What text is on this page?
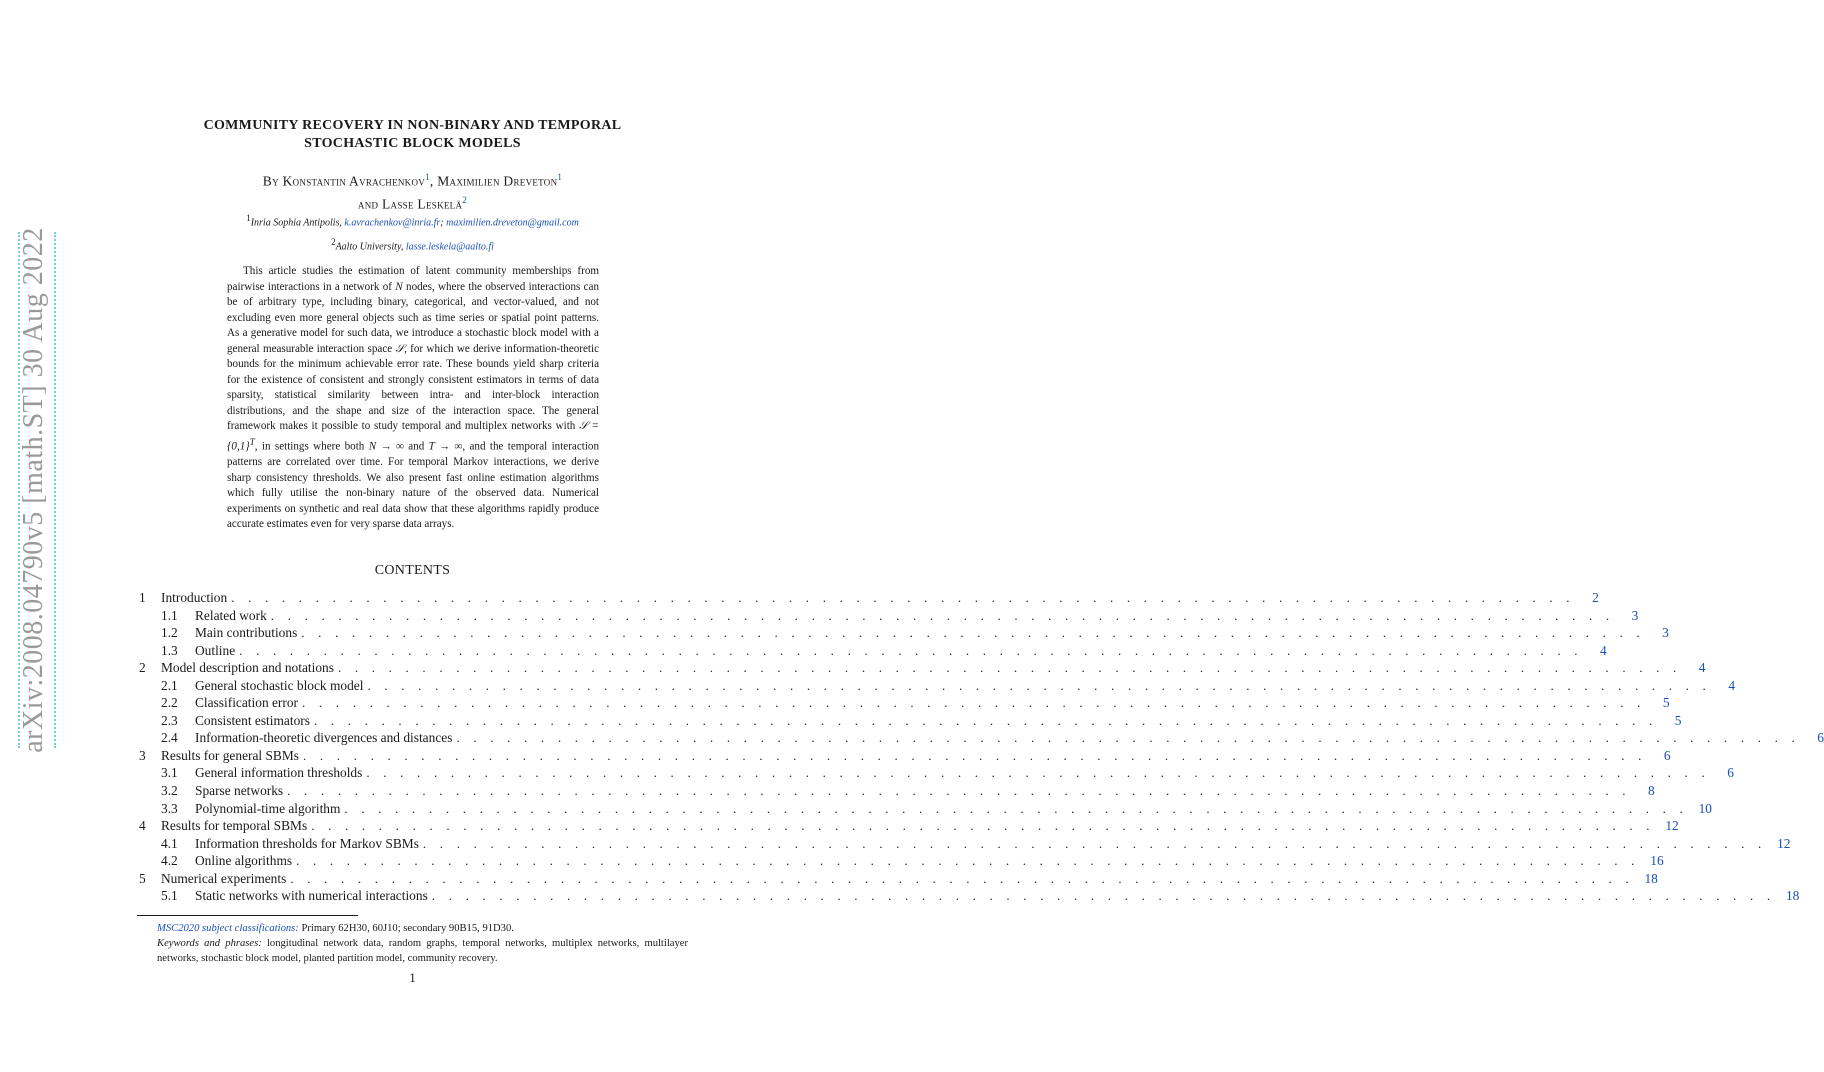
arXiv:2008.04790v5 [math.ST] 30 Aug 2022
COMMUNITY RECOVERY IN NON-BINARY AND TEMPORAL
STOCHASTIC BLOCK MODELS
By Konstantin Avrachenkov$^1$, Maximilien Dreveton$^1$
and Lasse Leskelä$^2$
$^1$Inria Sophia Antipolis, k.avrachenkov@inria.fr; maximilien.dreveton@gmail.com
$^2$Aalto University, lasse.leskela@aalto.fi
This article studies the estimation of latent community memberships from pairwise interactions in a network of N nodes, where the observed interactions can be of arbitrary type, including binary, categorical, and vector-valued, and not excluding even more general objects such as time series or spatial point patterns. As a generative model for such data, we introduce a stochastic block model with a general measurable interaction space 𝒮, for which we derive information-theoretic bounds for the minimum achievable error rate. These bounds yield sharp criteria for the existence of consistent and strongly consistent estimators in terms of data sparsity, statistical similarity between intra- and inter-block interaction distributions, and the shape and size of the interaction space. The general framework makes it possible to study temporal and multiplex networks with 𝒮 = $\{0,1\}^T$, in settings where both N → ∞ and T → ∞, and the temporal interaction patterns are correlated over time. For temporal Markov interactions, we derive sharp consistency thresholds. We also present fast online estimation algorithms which fully utilise the non-binary nature of the observed data. Numerical experiments on synthetic and real data show that these algorithms rapidly produce accurate estimates even for very sparse data arrays.
CONTENTS
1	Introduction . . . . . . . . . . . . . . . . . . . . . . . . . . . . . . . . . . . . . . . . . . . . . . . . . . . . . . . . . . . . . . . . . . . . . . . . . . . . . . . .	2
1.1	Related work . . . . . . . . . . . . . . . . . . . . . . . . . . . . . . . . . . . . . . . . . . . . . . . . . . . . . . . . . . . . . . . . . . . . . . . . . . . . . . . .	3
1.2	Main contributions . . . . . . . . . . . . . . . . . . . . . . . . . . . . . . . . . . . . . . . . . . . . . . . . . . . . . . . . . . . . . . . . . . . . . . . . . . . . . . . .	3
1.3	Outline . . . . . . . . . . . . . . . . . . . . . . . . . . . . . . . . . . . . . . . . . . . . . . . . . . . . . . . . . . . . . . . . . . . . . . . . . . . . . . . .	4
2	Model description and notations . . . . . . . . . . . . . . . . . . . . . . . . . . . . . . . . . . . . . . . . . . . . . . . . . . . . . . . . . . . . . . . . . . . . . . . . . . . . . . . .	4
2.1	General stochastic block model . . . . . . . . . . . . . . . . . . . . . . . . . . . . . . . . . . . . . . . . . . . . . . . . . . . . . . . . . . . . . . . . . . . . . . . . . . . . . . . .	4
2.2	Classification error . . . . . . . . . . . . . . . . . . . . . . . . . . . . . . . . . . . . . . . . . . . . . . . . . . . . . . . . . . . . . . . . . . . . . . . . . . . . . . . .	5
2.3	Consistent estimators . . . . . . . . . . . . . . . . . . . . . . . . . . . . . . . . . . . . . . . . . . . . . . . . . . . . . . . . . . . . . . . . . . . . . . . . . . . . . . . .	5
2.4	Information-theoretic divergences and distances . . . . . . . . . . . . . . . . . . . . . . . . . . . . . . . . . . . . . . . . . . . . . . . . . . . . . . . . . . . . . . . . . . . . . . . . . . . . . . . .	6
3	Results for general SBMs . . . . . . . . . . . . . . . . . . . . . . . . . . . . . . . . . . . . . . . . . . . . . . . . . . . . . . . . . . . . . . . . . . . . . . . . . . . . . . . .	6
3.1	General information thresholds . . . . . . . . . . . . . . . . . . . . . . . . . . . . . . . . . . . . . . . . . . . . . . . . . . . . . . . . . . . . . . . . . . . . . . . . . . . . . . . .	6
3.2	Sparse networks . . . . . . . . . . . . . . . . . . . . . . . . . . . . . . . . . . . . . . . . . . . . . . . . . . . . . . . . . . . . . . . . . . . . . . . . . . . . . . . .	8
3.3	Polynomial-time algorithm . . . . . . . . . . . . . . . . . . . . . . . . . . . . . . . . . . . . . . . . . . . . . . . . . . . . . . . . . . . . . . . . . . . . . . . . . . . . . . . . 10
4	Results for temporal SBMs . . . . . . . . . . . . . . . . . . . . . . . . . . . . . . . . . . . . . . . . . . . . . . . . . . . . . . . . . . . . . . . . . . . . . . . . . . . . . . . . 12
4.1	Information thresholds for Markov SBMs . . . . . . . . . . . . . . . . . . . . . . . . . . . . . . . . . . . . . . . . . . . . . . . . . . . . . . . . . . . . . . . . . . . . . . . . . . . . . . . . 12
4.2	Online algorithms . . . . . . . . . . . . . . . . . . . . . . . . . . . . . . . . . . . . . . . . . . . . . . . . . . . . . . . . . . . . . . . . . . . . . . . . . . . . . . . . 16
5	Numerical experiments . . . . . . . . . . . . . . . . . . . . . . . . . . . . . . . . . . . . . . . . . . . . . . . . . . . . . . . . . . . . . . . . . . . . . . . . . . . . . . . . 18
5.1	Static networks with numerical interactions . . . . . . . . . . . . . . . . . . . . . . . . . . . . . . . . . . . . . . . . . . . . . . . . . . . . . . . . . . . . . . . . . . . . . . . . . . . . . . . . 18
MSC2020 subject classifications: Primary 62H30, 60J10; secondary 90B15, 91D30.
Keywords and phrases: longitudinal network data, random graphs, temporal networks, multiplex networks, multilayer networks, stochastic block model, planted partition model, community recovery.
1
